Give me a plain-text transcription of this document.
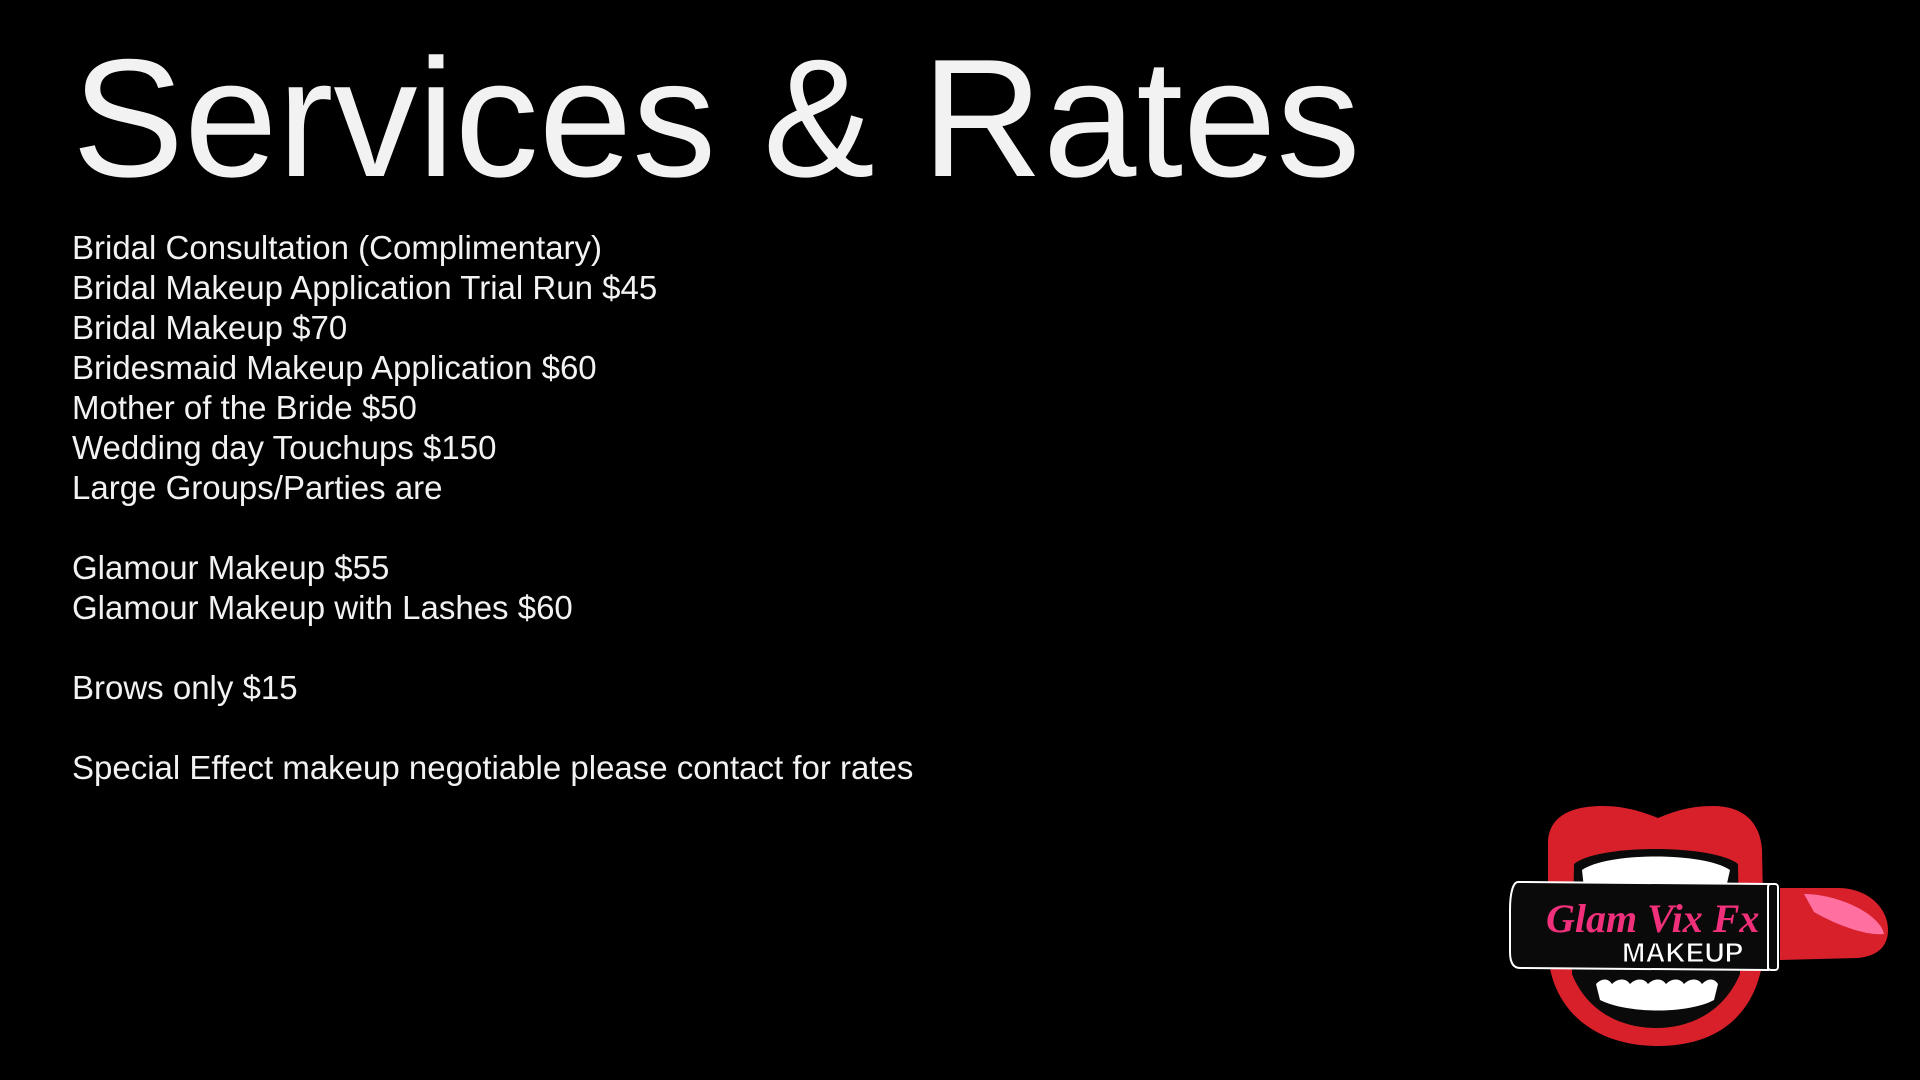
Services & Rates
Bridal Consultation (Complimentary)
Bridal Makeup Application Trial Run $45
Bridal Makeup $70
Bridesmaid Makeup Application $60
Mother of the Bride $50
Wedding day Touchups $150
Large Groups/Parties are
Glamour Makeup $55
Glamour Makeup with Lashes $60
Brows only $15
Special Effect makeup negotiable please contact for rates
Glam Vix Fx
MAKEUP
